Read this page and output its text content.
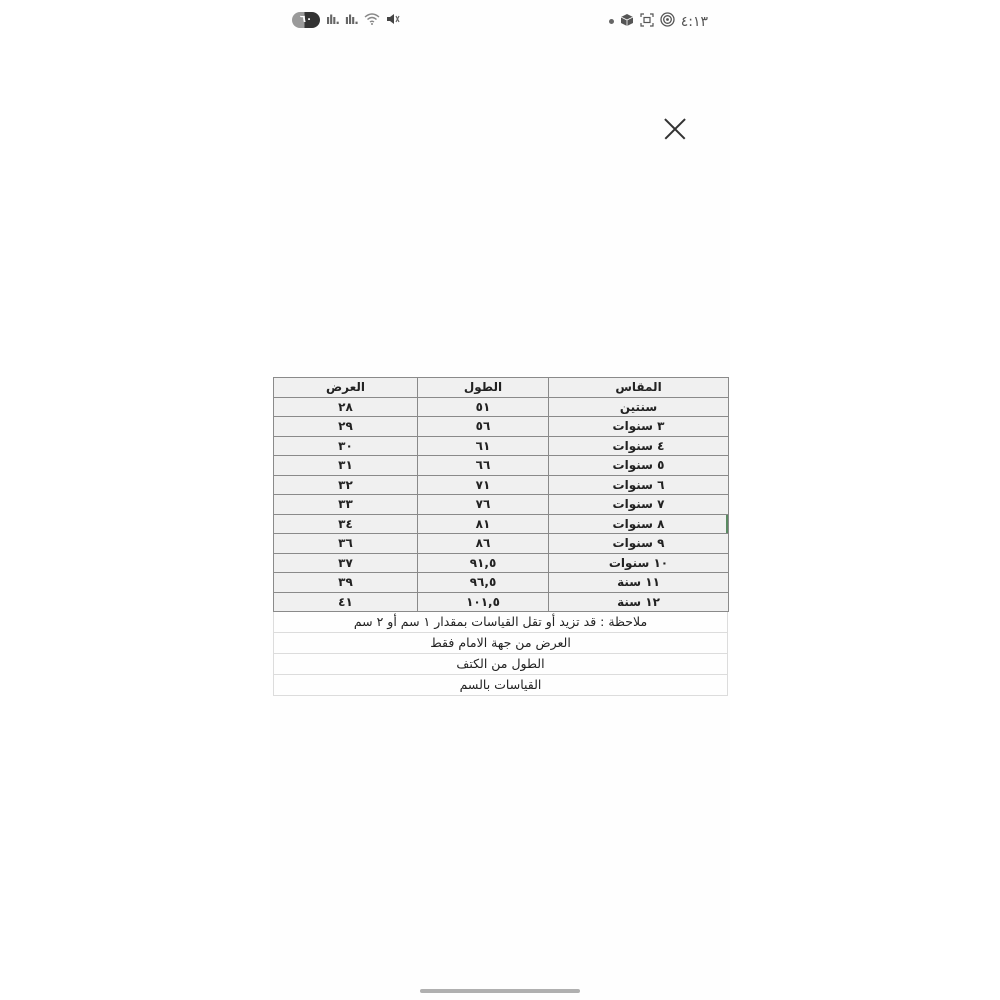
٦٠	ılı. ılı.	٤:١٣
المقاس	الطول	العرض
سنتين	٥١	٢٨
٣ سنوات	٥٦	٢٩
٤ سنوات	٦١	٣٠
٥ سنوات	٦٦	٣١
٦ سنوات	٧١	٣٢
٧ سنوات	٧٦	٣٣
٨ سنوات	٨١	٣٤
٩ سنوات	٨٦	٣٦
١٠ سنوات	٩١,٥	٣٧
١١ سنة	٩٦,٥	٣٩
١٢ سنة	١٠١,٥	٤١
ملاحظة : قد تزيد أو تقل القياسات بمقدار ١ سم أو ٢ سم
العرض من جهة الامام فقط
الطول من الكتف
القياسات بالسم
